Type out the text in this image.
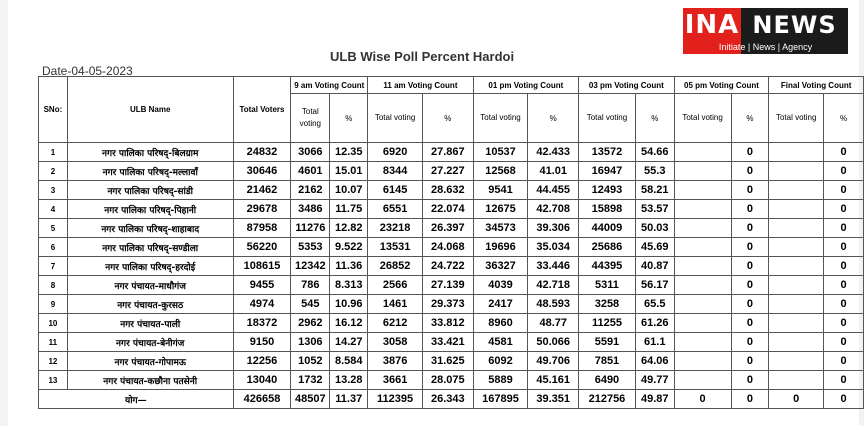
INA NEWS
Initiate | News | Agency
ULB Wise Poll Percent Hardoi
Date-04-05-2023
SNo:	ULB Name	Total Voters	9 am Voting Count		11 am Voting Count		01 pm Voting Count		03 pm Voting Count		05 pm Voting Count		Final Voting Count	
			Total voting	%	Total voting	%	Total voting	%	Total voting	%	Total voting	%	Total voting	%
1	नगर पालिका परिषद्-बिलग्राम	24832	3066	12.35	6920	27.867	10537	42.433	13572	54.66		0		0
2	नगर पालिका परिषद्-मल्लावाँ	30646	4601	15.01	8344	27.227	12568	41.01	16947	55.3		0		0
3	नगर पालिका परिषद्-सांडी	21462	2162	10.07	6145	28.632	9541	44.455	12493	58.21		0		0
4	नगर पालिका परिषद्-पिहानी	29678	3486	11.75	6551	22.074	12675	42.708	15898	53.57		0		0
5	नगर पालिका परिषद्-शाहाबाद	87958	11276	12.82	23218	26.397	34573	39.306	44009	50.03		0		0
6	नगर पालिका परिषद्-सण्डीला	56220	5353	9.522	13531	24.068	19696	35.034	25686	45.69		0		0
7	नगर पालिका परिषद्-हरदोई	108615	12342	11.36	26852	24.722	36327	33.446	44395	40.87		0		0
8	नगर पंचायत-माधौगंज	9455	786	8.313	2566	27.139	4039	42.718	5311	56.17		0		0
9	नगर पंचायत-कुरसठ	4974	545	10.96	1461	29.373	2417	48.593	3258	65.5		0		0
10	नगर पंचायत-पाली	18372	2962	16.12	6212	33.812	8960	48.77	11255	61.26		0		0
11	नगर पंचायत-बेनीगंज	9150	1306	14.27	3058	33.421	4581	50.066	5591	61.1		0		0
12	नगर पंचायत-गोपामऊ	12256	1052	8.584	3876	31.625	6092	49.706	7851	64.06		0		0
13	नगर पंचायत-कछौना पतसेनी	13040	1732	13.28	3661	28.075	5889	45.161	6490	49.77		0		0
योग—		426658	48507	11.37	112395	26.343	167895	39.351	212756	49.87	0	0	0	0
